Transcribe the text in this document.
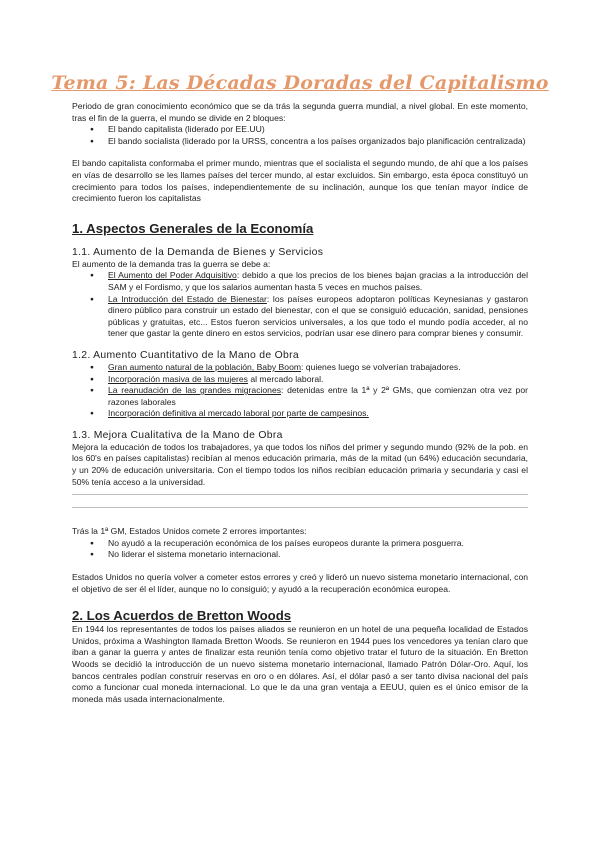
Tema 5: Las Décadas Doradas del Capitalismo

Periodo de gran conocimiento económico que se da trás la segunda guerra mundial, a nivel global. En este momento, tras el fin de la guerra, el mundo se divide en 2 bloques:

● El bando capitalista (liderado por EE.UU)
● El bando socialista (liderado por la URSS, concentra a los países organizados bajo planificación centralizada)

El bando capitalista conformaba el primer mundo, mientras que el socialista el segundo mundo, de ahí que a los países en vías de desarrollo se les llames países del tercer mundo, al estar excluidos. Sin embargo, esta época constituyó un crecimiento para todos los países, independientemente de su inclinación, aunque los que tenían mayor índice de crecimiento fueron los capitalistas

1. Aspectos Generales de la Economía
1.1. Aumento de la Demanda de Bienes y Servicios

El aumento de la demanda tras la guerra se debe a:

● El Aumento del Poder Adquisitivo: debido a que los precios de los bienes bajan gracias a la introducción del SAM y el Fordismo, y que los salarios aumentan hasta 5 veces en muchos países.
● La Introducción del Estado de Bienestar: los países europeos adoptaron políticas Keynesianas y gastaron dinero público para construir un estado del bienestar, con el que se consiguió educación, sanidad, pensiones públicas y gratuitas, etc... Estos fueron servicios universales, a los que todo el mundo podía acceder, al no tener que gastar la gente dinero en estos servicios, podrían usar ese dinero para comprar bienes y consumir.
1.2. Aumento Cuantitativo de la Mano de Obra
● Gran aumento natural de la población, Baby Boom: quienes luego se volverían trabajadores.
● Incorporación masiva de las mujeres al mercado laboral.
● La reanudación de las grandes migraciones: detenidas entre la 1ª y 2ª GMs, que comienzan otra vez por razones laborales
● Incorporación definitiva al mercado laboral por parte de campesinos.
1.3. Mejora Cualitativa de la Mano de Obra

Mejora la educación de todos los trabajadores, ya que todos los niños del primer y segundo mundo (92% de la pob. en los 60's en países capitalistas) recibían al menos educación primaria, más de la mitad (un 64%) educación secundaria, y un 20% de educación universitaria. Con el tiempo todos los niños recibían educación primaria y secundaria y casi el 50% tenía acceso a la universidad.

Trás la 1ª GM, Estados Unidos comete 2 errores importantes:

● No ayudó a la recuperación económica de los países europeos durante la primera posguerra.
● No liderar el sistema monetario internacional.

Estados Unidos no quería volver a cometer estos errores y creó y lideró un nuevo sistema monetario internacional, con el objetivo de ser él el líder, aunque no lo consiguió; y ayudó a la recuperación económica europea.

2. Los Acuerdos de Bretton Woods

En 1944 los representantes de todos los países aliados se reunieron en un hotel de una pequeña localidad de Estados Unidos, próxima a Washington llamada Bretton Woods. Se reunieron en 1944 pues los vencedores ya tenían claro que iban a ganar la guerra y antes de finalizar esta reunión tenía como objetivo tratar el futuro de la situación. En Bretton Woods se decidió la introducción de un nuevo sistema monetario internacional, llamado Patrón Dólar-Oro. Aquí, los bancos centrales podían construir reservas en oro o en dólares. Así, el dólar pasó a ser tanto divisa nacional del país como a funcionar cual moneda internacional. Lo que le da una gran ventaja a EEUU, quien es el único emisor de la moneda más usada internacionalmente.
